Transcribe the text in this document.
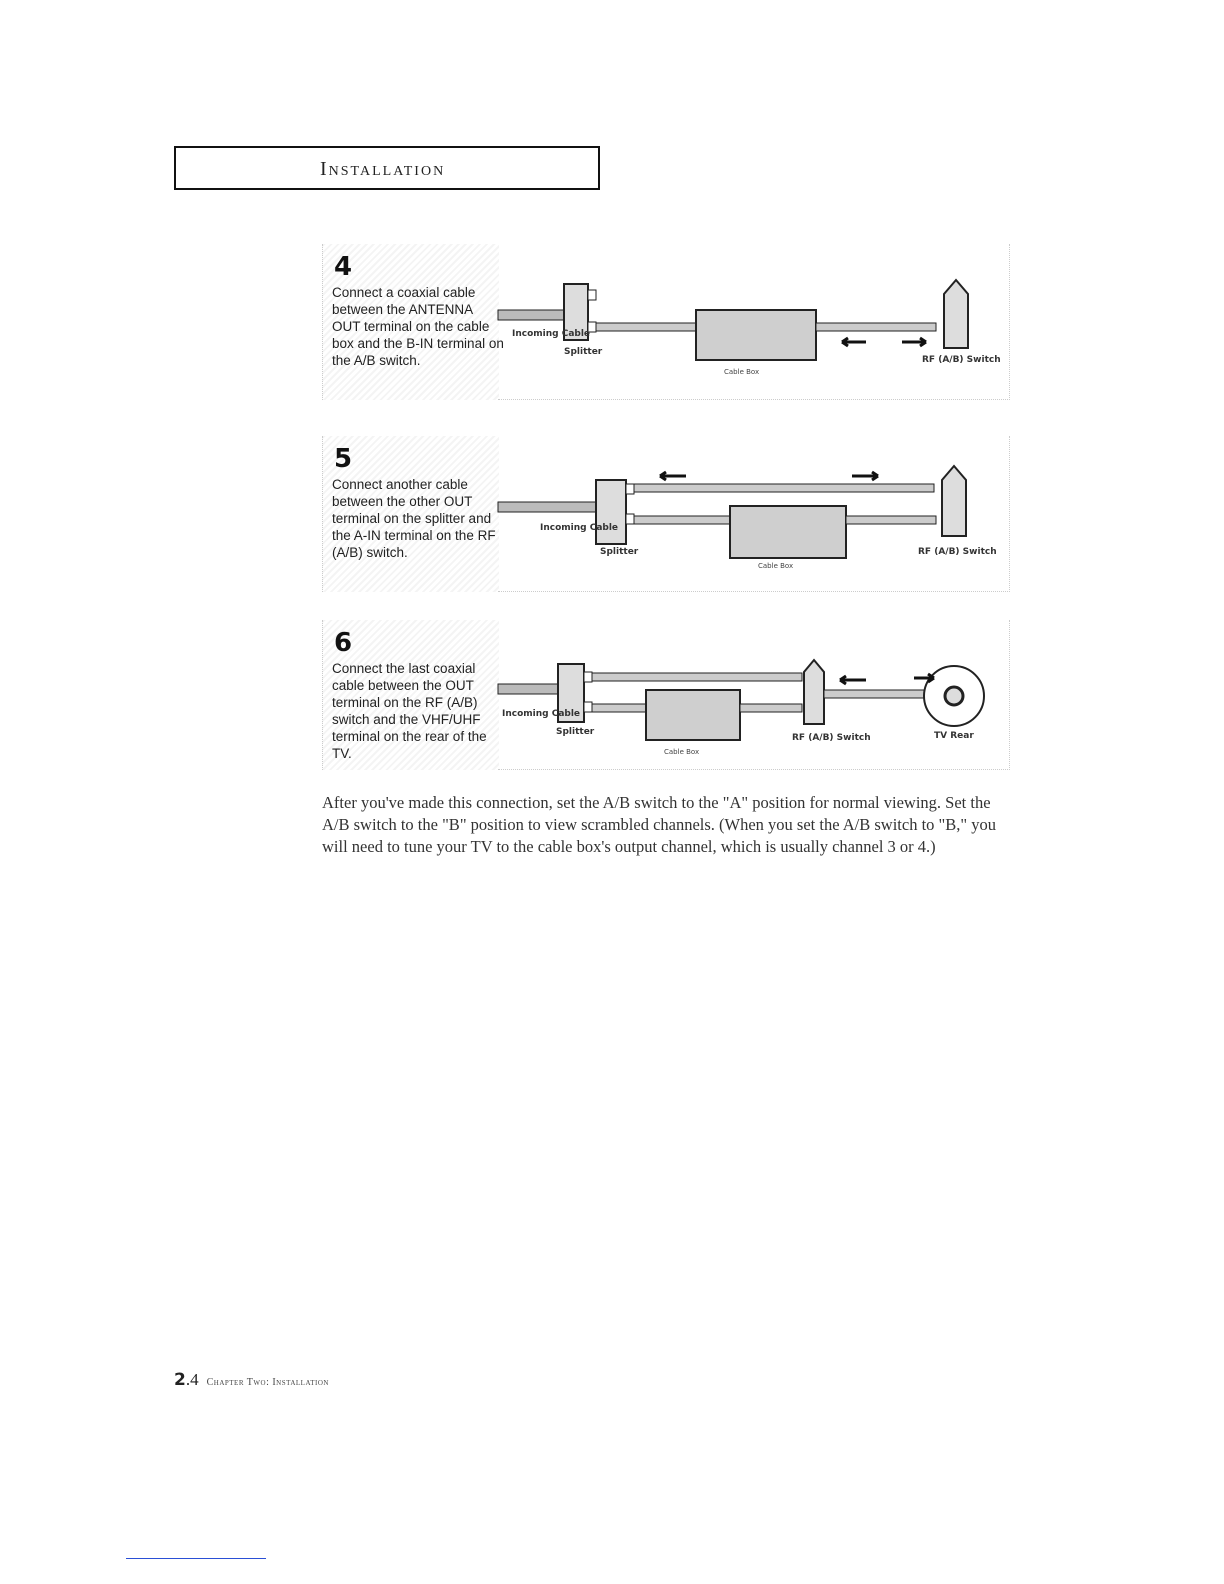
Installation
4
Connect a coaxial cable between the ANTENNA OUT terminal on the cable box and the B-IN terminal on the A/B switch.
Incoming Cable
Splitter
Cable Box
RF (A/B) Switch
5
Connect another cable between the other OUT terminal on the splitter and the A-IN terminal on the RF (A/B) switch.
Incoming Cable
Splitter
Cable Box
RF (A/B) Switch
6
Connect the last coaxial cable between the OUT terminal on the RF (A/B) switch and the VHF/UHF terminal on the rear of the TV.
Incoming Cable
Splitter
Cable Box
RF (A/B) Switch	TV Rear
After you've made this connection, set the A/B switch to the "A" position for normal viewing. Set the A/B switch to the "B" position to view scrambled channels. (When you set the A/B switch to "B," you will need to tune your TV to the cable box's output channel, which is usually channel 3 or 4.)
2.4 Chapter Two: Installation
